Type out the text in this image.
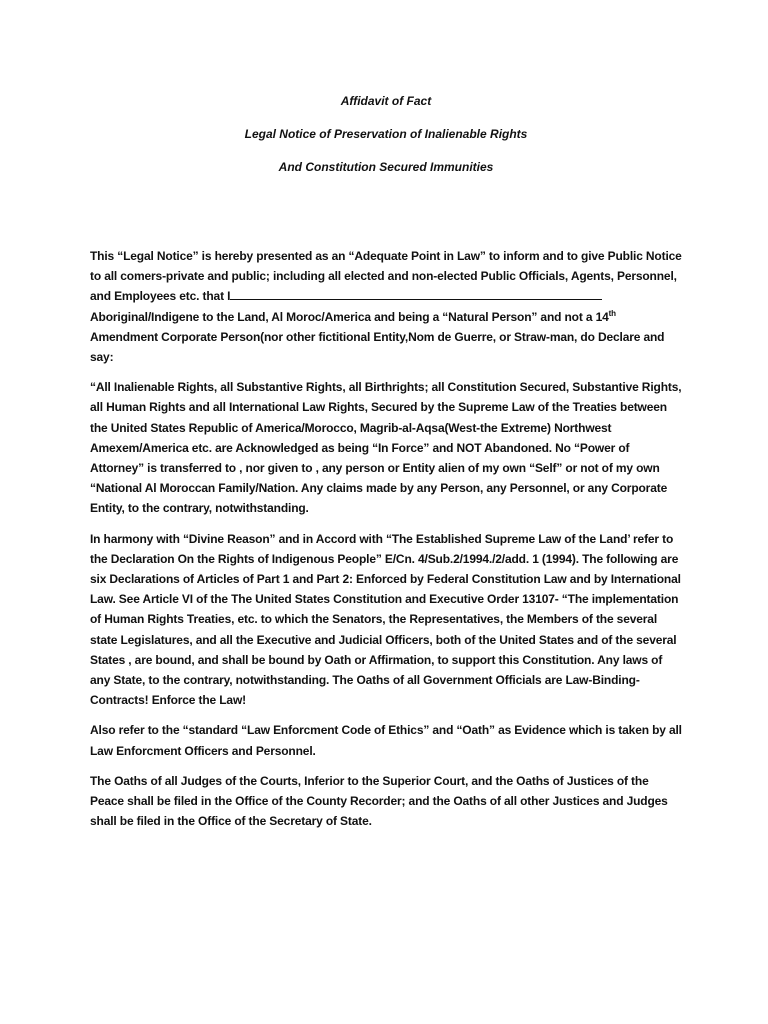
Affidavit of Fact

Legal Notice of Preservation of Inalienable Rights

And Constitution Secured Immunities

This “Legal Notice” is hereby presented as an “Adequate Point in Law” to inform and to give Public Notice to all comers-private and public; including all elected and non-elected Public Officials, Agents, Personnel, and Employees etc. that I Aboriginal/Indigene to the Land, Al Moroc/America and being a “Natural Person” and not a 14th Amendment Corporate Person(nor other fictitional Entity,Nom de Guerre, or Straw-man, do Declare and say:

“All Inalienable Rights, all Substantive Rights, all Birthrights; all Constitution Secured, Substantive Rights, all Human Rights and all International Law Rights, Secured by the Supreme Law of the Treaties between the United States Republic of America/Morocco, Magrib-al-Aqsa(West-the Extreme) Northwest Amexem/America etc. are Acknowledged as being “In Force” and NOT Abandoned. No “Power of Attorney” is transferred to , nor given to , any person or Entity alien of my own “Self” or not of my own “National Al Moroccan Family/Nation. Any claims made by any Person, any Personnel, or any Corporate Entity, to the contrary, notwithstanding.

In harmony with “Divine Reason” and in Accord with “The Established Supreme Law of the Land’ refer to the Declaration On the Rights of Indigenous People” E/Cn. 4/Sub.2/1994./2/add. 1 (1994). The following are six Declarations of Articles of Part 1 and Part 2: Enforced by Federal Constitution Law and by International Law. See Article VI of the The United States Constitution and Executive Order 13107- “The implementation of Human Rights Treaties, etc. to which the Senators, the Representatives, the Members of the several state Legislatures, and all the Executive and Judicial Officers, both of the United States and of the several States , are bound, and shall be bound by Oath or Affirmation, to support this Constitution. Any laws of any State, to the contrary, notwithstanding. The Oaths of all Government Officials are Law-Binding-Contracts! Enforce the Law!

Also refer to the “standard “Law Enforcment Code of Ethics” and “Oath” as Evidence which is taken by all Law Enforcment Officers and Personnel.

The Oaths of all Judges of the Courts, Inferior to the Superior Court, and the Oaths of Justices of the Peace shall be filed in the Office of the County Recorder; and the Oaths of all other Justices and Judges shall be filed in the Office of the Secretary of State.
